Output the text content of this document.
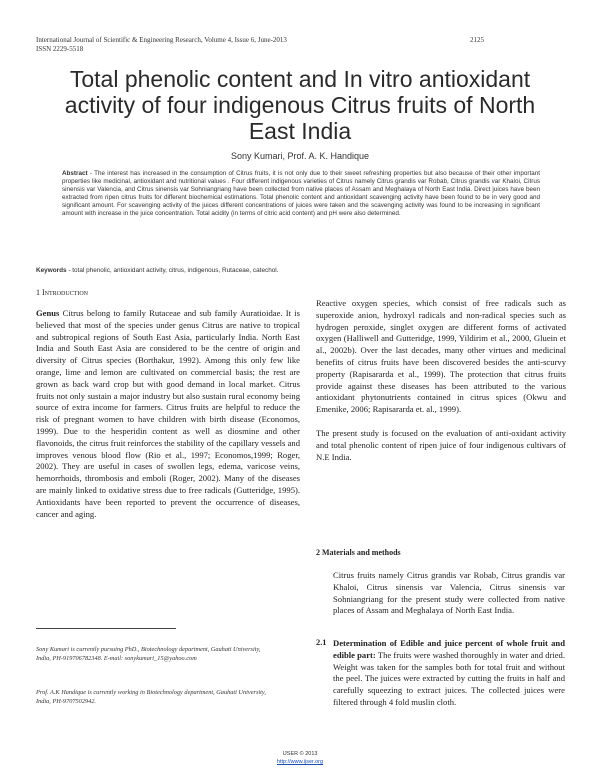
International Journal of Scientific & Engineering Research, Volume 4, Issue 6, June-2013
ISSN 2229-5518
2125
Total phenolic content and In vitro antioxidant activity of four indigenous Citrus fruits of North East India
Sony Kumari, Prof. A. K. Handique
Abstract - The interest has increased in the consumption of Citrus fruits, it is not only due to their sweet refreshing properties but also because of their other important properties like medicinal, antioxidant and nutritional values . Four different indigenous varieties of Citrus namely Citrus grandis var Robab, Citrus grandis var Khaloi, Citrus sinensis var Valencia, and Citrus sinensis var Sohniangriang have been collected from native places of Assam and Meghalaya of North East India. Direct juices have been extracted from ripen citrus fruits for different biochemical estimations. Total phenolic content and antioxidant scavenging activity have been found to be in very good and significant amount. For scavenging activity of the juices different concentrations of juices were taken and the scavenging activity was found to be increasing in significant amount with increase in the juice concentration. Total acidity (in terms of citric acid content) and pH were also determined.
Keywords - total phenolic, antioxidant activity, citrus, indigenous, Rutaceae, catechol.
1 Introduction

Genus Citrus belong to family Rutaceae and sub family Auratioidae. It is believed that most of the species under genus Citrus are native to tropical and subtropical regions of South East Asia, particularly India. North East India and South East Asia are considered to be the centre of origin and diversity of Citrus species (Borthakur, 1992). Among this only few like orange, lime and lemon are cultivated on commercial basis; the rest are grown as back ward crop but with good demand in local market. Citrus fruits not only sustain a major industry but also sustain rural economy being source of extra income for farmers. Citrus fruits are helpful to reduce the risk of pregnant women to have children with birth disease (Economos, 1999). Due to the hesperidin content as well as diosmine and other flavonoids, the citrus fruit reinforces the stability of the capillary vessels and improves venous blood flow (Rio et al., 1997; Economos,1999; Roger, 2002). They are useful in cases of swollen legs, edema, varicose veins, hemorrhoids, thrombosis and emboli (Roger, 2002). Many of the diseases are mainly linked to oxidative stress due to free radicals (Gutteridge, 1995). Antioxidants have been reported to prevent the occurrence of diseases, cancer and aging.

Reactive oxygen species, which consist of free radicals such as superoxide anion, hydroxyl radicals and non-radical species such as hydrogen peroxide, singlet oxygen are different forms of activated oxygen (Halliwell and Gutteridge, 1999, Yildirim et al., 2000, Gluein et al., 2002b). Over the last decades, many other virtues and medicinal benefits of citrus fruits have been discovered besides the anti-scurvy property (Rapisararda et al., 1999). The protection that citrus fruits provide against these diseases has been attributed to the various antioxidant phytonutrients contained in citrus spices (Okwu and Emenike, 2006; Rapisararda et. al., 1999).

The present study is focused on the evaluation of anti-oxidant activity and total phenolic content of ripen juice of four indigenous cultivars of N.E India.

2 Materials and methods
Citrus fruits namely Citrus grandis var Robab, Citrus grandis var Khaloi, Citrus sinensis var Valencia, Citrus sinensis var Sohniangriang for the present study were collected from native places of Assam and Meghalaya of North East India.
2.1 Determination of Edible and juice percent of whole fruit and edible part: The fruits were washed thoroughly in water and dried. Weight was taken for the samples both for total fruit and without the peel. The juices were extracted by cutting the fruits in half and carefully squeezing to extract juices. The collected juices were filtered through 4 fold muslin cloth.
Sony Kumari is currently pursuing PhD., Biotechnology department, Gauhati University, India, PH-919706782348. E-mail: sonykumari_15@yahoo.com
Prof. A.K Handique is currently working in Biotechnology department, Gauhati University, India, PH-9707502942.
IJSER © 2013
http://www.ijser.org
